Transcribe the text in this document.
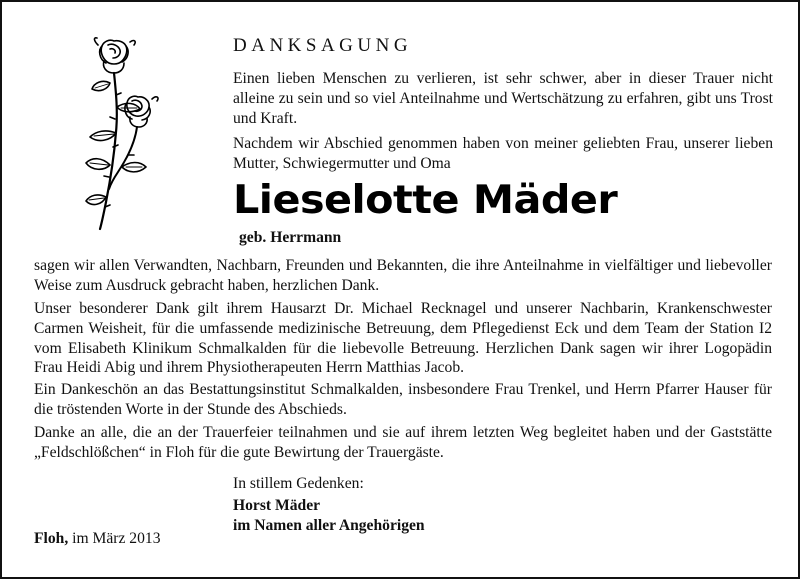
DANKSAGUNG

Einen lieben Menschen zu verlieren, ist sehr schwer, aber in dieser Trauer nicht alleine zu sein und so viel Anteilnahme und Wertschätzung zu erfahren, gibt uns Trost und Kraft.

Nachdem wir Abschied genommen haben von meiner geliebten Frau, unserer lieben Mutter, Schwiegermutter und Oma

Lieselotte Mäder
geb. Herrmann

sagen wir allen Verwandten, Nachbarn, Freunden und Bekannten, die ihre Anteilnahme in vielfältiger und liebevoller Weise zum Ausdruck gebracht haben, herzlichen Dank.

Unser besonderer Dank gilt ihrem Hausarzt Dr. Michael Recknagel und unserer Nachbarin, Krankenschwester Carmen Weisheit, für die umfassende medizinische Betreuung, dem Pflegedienst Eck und dem Team der Station I2 vom Elisabeth Klinikum Schmalkalden für die liebevolle Betreuung. Herzlichen Dank sagen wir ihrer Logopädin Frau Heidi Abig und ihrem Physiotherapeuten Herrn Matthias Jacob.

Ein Dankeschön an das Bestattungsinstitut Schmalkalden, insbesondere Frau Trenkel, und Herrn Pfarrer Hauser für die tröstenden Worte in der Stunde des Abschieds.

Danke an alle, die an der Trauerfeier teilnahmen und sie auf ihrem letzten Weg begleitet haben und der Gaststätte „Feldschlößchen“ in Floh für die gute Bewirtung der Trauergäste.

In stillem Gedenken:
Horst Mäder
im Namen aller Angehörigen
Floh, im März 2013
